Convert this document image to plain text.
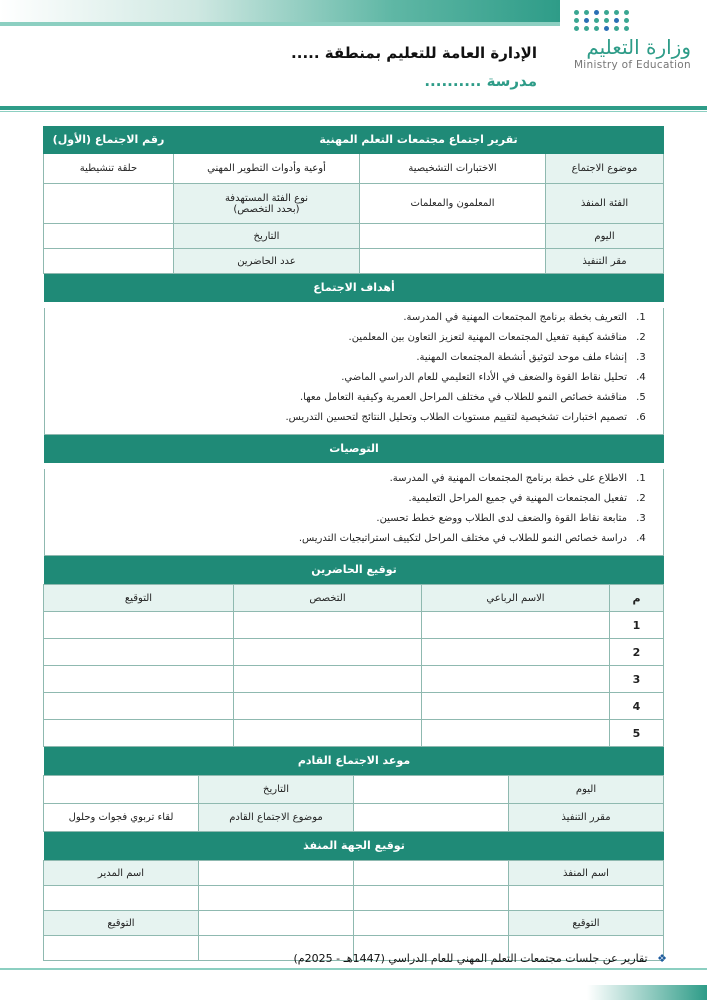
وزارة التعليم
Ministry of Education
الإدارة العامة للتعليم بمنطقة .....
مدرسة ..........
تقرير اجتماع مجتمعات التعلم المهنية			رقم الاجتماع (الأول)
موضوع الاجتماع	الاختبارات التشخيصية	أوعية وأدوات التطوير المهني	حلقة تنشيطية
الفئة المنفذ	المعلمون والمعلمات	نوع الفئة المستهدفة
(بحدد التخصص)	

اليوم		التاريخ	
مقر التنفيذ		عدد الحاضرين	
أهداف الاجتماع
1. التعريف بخطة برنامج المجتمعات المهنية في المدرسة.
2. مناقشة كيفية تفعيل المجتمعات المهنية لتعزيز التعاون بين المعلمين.
3. إنشاء ملف موحد لتوثيق أنشطة المجتمعات المهنية.
4. تحليل نقاط القوة والضعف في الأداء التعليمي للعام الدراسي الماضي.
5. مناقشة خصائص النمو للطلاب في مختلف المراحل العمرية وكيفية التعامل معها.
6. تصميم اختبارات تشخيصية لتقييم مستويات الطلاب وتحليل النتائج لتحسين التدريس.
التوصيات
1. الاطلاع على خطة برنامج المجتمعات المهنية في المدرسة.
2. تفعيل المجتمعات المهنية في جميع المراحل التعليمية.
3. متابعة نقاط القوة والضعف لدى الطلاب ووضع خطط تحسين.
4. دراسة خصائص النمو للطلاب في مختلف المراحل لتكييف استراتيجيات التدريس.
توقيع الحاضرين
م	الاسم الرباعي	التخصص	التوقيع
1			
2			
3			
4			
5			
موعد الاجتماع القادم
اليوم		التاريخ	
مقرر التنفيذ		موضوع الاجتماع القادم	لقاء تربوي فجوات وحلول
توقيع الجهة المنفذ
اسم المنفذ			اسم المدير

التوقيع			التوقيع

❖ تقارير عن جلسات مجتمعات التعلم المهني للعام الدراسي (1447هـ - 2025م)
